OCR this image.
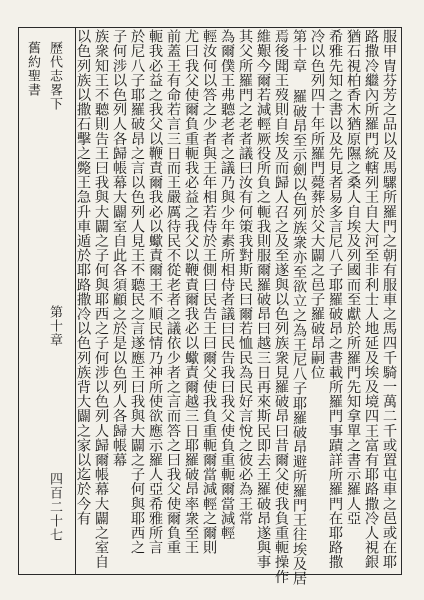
舊約聖書 歷代志畧下
第十章
四百二十七	服甲冑芬芳之品以及馬騾所羅門之朝有服車之馬四千騎一萬二千或置屯車之邑或在耶
路撒冷繼內所羅門統轄列王自大河至非利士人地延及埃及境四王富有耶路撒冷人視銀
猶石視柏香木猶原隰之桑人自埃及列國而至獻於所羅門先知拿單之書示羅人亞
希雅先知之書以及先見者易多言尼八子耶羅破昂之書載所羅門事蹟詳所羅門在耶路撒
冷以色列四十年所羅門薨葬於父大闢之邑子羅破昂嗣位
第十章 羅破昂至示劍以色列族衆亦至欲立之為王尼八子耶羅破昂避所羅門王往埃及居
焉後聞王歿則自埃及而歸人召之及至遂與以色列族衆見羅破昂曰昔爾父使我負重軛操作
維艱今爾若減輕厥役所負之軛我則服爾羅破昂曰越三日再來斯民即去王羅破昂遂與事
其父所羅門之老者議曰汝有何策我對斯民曰爾若恤民為民好言悅之彼必為王常
為爾僕王弗聽老者之議乃與少年素所相侍者議曰民告我曰我父使負重軛爾當減輕
輕汝何以答之少者與王年相若侍於王側曰民告王曰爾父使我負重軛爾當減輕之爾則
尤曰我父使爾負重軛我必益之我父以鞭責爾我必以蠍責爾越三日耶羅破昂率衆至王
前蓋王有命若言三日而王嚴厲待民不從老者之議依少者之言而答之曰我父使爾負重
軛我必益之我父以鞭責爾我必以蠍責爾王不順民情乃神所使欲應示羅人亞希雅所言
於尼八子耶羅破昂之言以色列人見王不聽民之言遂應王曰我與大闢之子何與耶西之
子何涉以色列人各歸帳幕大闢室自此各須顧之於是以色列人各歸帳幕
族衆知王不聽則告王曰我與大闢之子何與耶西之子何涉以色列人歸爾帳幕大闢之室自
以色列族以撒石擊之斃王急升車遁於耶路撒冷以色列族背大闢之家以迄於今有
